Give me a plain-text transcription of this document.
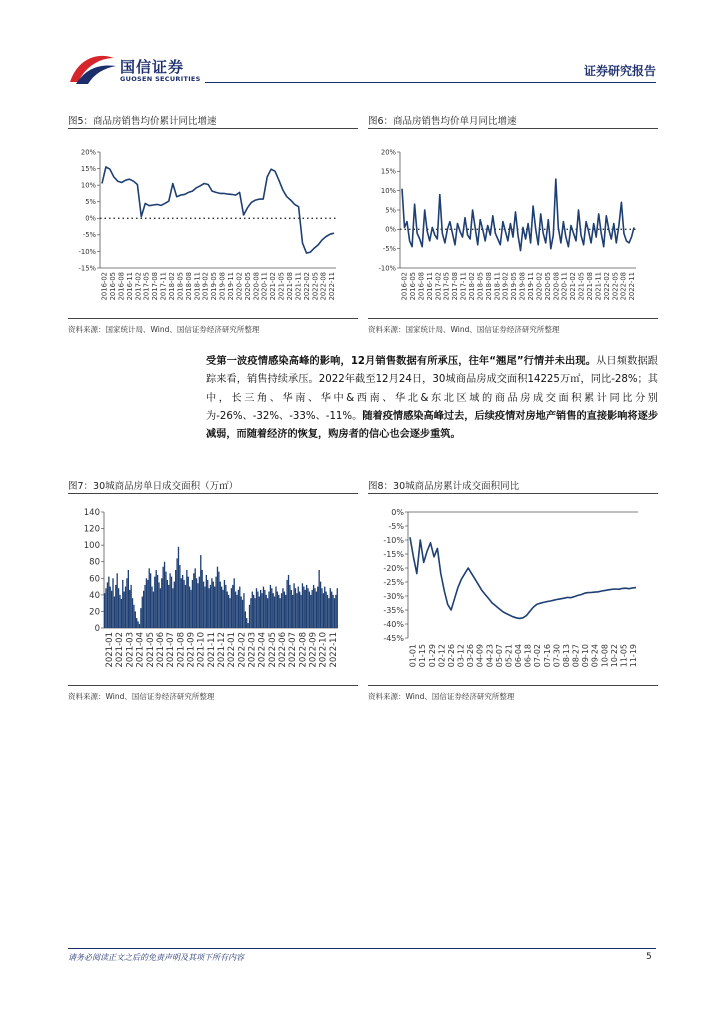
国信证券
GUOSEN SECURITIES
证券研究报告
图5：商品房销售均价累计同比增速
20%
15%
10%
5%
0%
-5%
-10%
-15%
2016-02 2016-05 2016-08 2016-11 2017-02 2017-05 2017-08 2017-11 2018-02 2018-05 2018-08 2018-11 2019-02 2019-05 2019-08 2019-11 2020-02 2020-05 2020-08 2020-11 2021-02 2021-05 2021-08 2021-11 2022-02 2022-05 2022-08 2022-11
资料来源：国家统计局、Wind、国信证券经济研究所整理
图6：商品房销售均价单月同比增速
20%
15%
10%
5%
0%
-5%
-10%
2016-02 2016-05 2016-08 2016-11 2017-02 2017-05 2017-08 2017-11 2018-02 2018-05 2018-08 2018-11 2019-02 2019-05 2019-08 2019-11 2020-02 2020-05 2020-08 2020-11 2021-02 2021-05 2021-08 2021-11 2022-02 2022-05 2022-08 2022-11
资料来源：国家统计局、Wind、国信证券经济研究所整理
受第一波疫情感染高峰的影响，12月销售数据有所承压，往年“翘尾”行情并未出现。从日频数据跟踪来看，销售持续承压。2022年截至12月24日，30城商品房成交面积14225万㎡，同比-28%；其中，长三角、华南、华中&西南、华北&东北区域的商品房成交面积累计同比分别为-26%、-32%、-33%、-11%。随着疫情感染高峰过去，后续疫情对房地产销售的直接影响将逐步减弱，而随着经济的恢复，购房者的信心也会逐步重筑。
图7：30城商品房单日成交面积（万㎡）
140
120
100
80
60
40
20
0
2021-01 2021-02 2021-03 2021-04 2021-05 2021-06 2021-07 2021-08 2021-09 2021-10 2021-11 2021-12 2022-01 2022-02 2022-03 2022-04 2022-05 2022-06 2022-07 2022-08 2022-09 2022-10 2022-11
资料来源：Wind、国信证券经济研究所整理
图8：30城商品房累计成交面积同比
0%
-5%
-10%
-15%
-20%
-25%
-30%
-35%
-40%
-45%
01-01 01-15 01-29 02-12 02-26 03-12 03-26 04-09 04-23 05-07 05-21 06-04 06-18 07-02 07-16 07-30 08-13 08-27 09-10 09-24 10-08 10-22 11-05 11-19
资料来源：Wind、国信证券经济研究所整理
请务必阅读正文之后的免责声明及其项下所有内容	5
